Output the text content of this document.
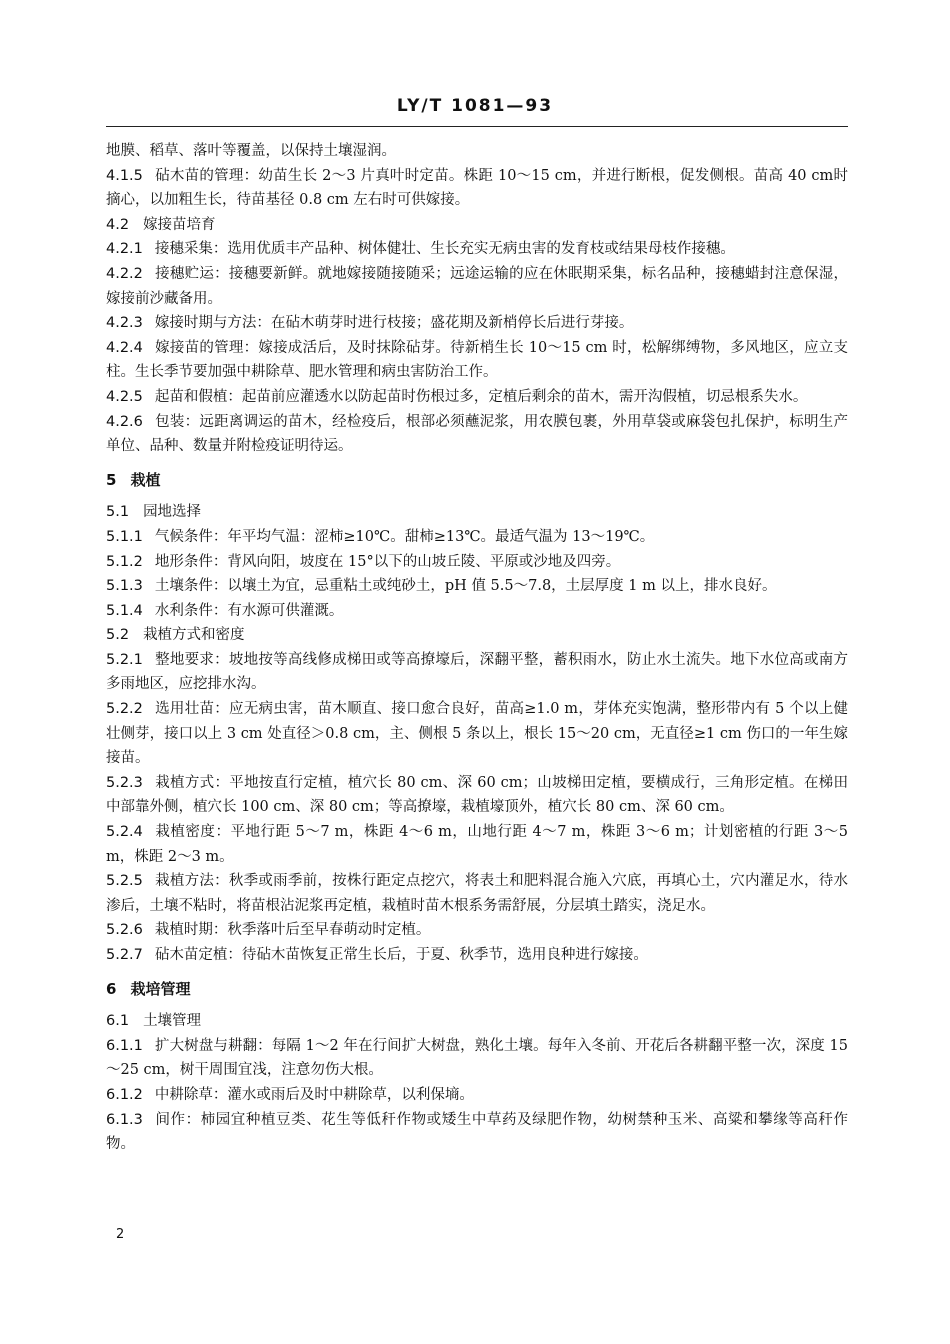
LY/T 1081—93

地膜、稻草、落叶等覆盖，以保持土壤湿润。

4.1.5 砧木苗的管理：幼苗生长 2～3 片真叶时定苗。株距 10～15 cm，并进行断根，促发侧根。苗高 40 cm时摘心，以加粗生长，待苗基径 0.8 cm 左右时可供嫁接。

4.2 嫁接苗培育

4.2.1 接穗采集：选用优质丰产品种、树体健壮、生长充实无病虫害的发育枝或结果母枝作接穗。

4.2.2 接穗贮运：接穗要新鲜。就地嫁接随接随采；远途运输的应在休眠期采集，标名品种，接穗蜡封注意保湿，嫁接前沙藏备用。

4.2.3 嫁接时期与方法：在砧木萌芽时进行枝接；盛花期及新梢停长后进行芽接。

4.2.4 嫁接苗的管理：嫁接成活后，及时抹除砧芽。待新梢生长 10～15 cm 时，松解绑缚物，多风地区，应立支柱。生长季节要加强中耕除草、肥水管理和病虫害防治工作。

4.2.5 起苗和假植：起苗前应灌透水以防起苗时伤根过多，定植后剩余的苗木，需开沟假植，切忌根系失水。

4.2.6 包装：远距离调运的苗木，经检疫后，根部必须蘸泥浆，用农膜包裹，外用草袋或麻袋包扎保护，标明生产单位、品种、数量并附检疫证明待运。

5 栽植

5.1 园地选择

5.1.1 气候条件：年平均气温：涩柿≥10℃。甜柿≥13℃。最适气温为 13～19℃。

5.1.2 地形条件：背风向阳，坡度在 15°以下的山坡丘陵、平原或沙地及四旁。

5.1.3 土壤条件：以壤土为宜，忌重粘土或纯砂土，pH 值 5.5～7.8，土层厚度 1 m 以上，排水良好。

5.1.4 水利条件：有水源可供灌溉。

5.2 栽植方式和密度

5.2.1 整地要求：坡地按等高线修成梯田或等高撩壕后，深翻平整，蓄积雨水，防止水土流失。地下水位高或南方多雨地区，应挖排水沟。

5.2.2 选用壮苗：应无病虫害，苗木顺直、接口愈合良好，苗高≥1.0 m，芽体充实饱满，整形带内有 5 个以上健壮侧芽，接口以上 3 cm 处直径＞0.8 cm，主、侧根 5 条以上，根长 15～20 cm，无直径≥1 cm 伤口的一年生嫁接苗。

5.2.3 栽植方式：平地按直行定植，植穴长 80 cm、深 60 cm；山坡梯田定植，要横成行，三角形定植。在梯田中部靠外侧，植穴长 100 cm、深 80 cm；等高撩壕，栽植壕顶外，植穴长 80 cm、深 60 cm。

5.2.4 栽植密度：平地行距 5～7 m，株距 4～6 m，山地行距 4～7 m，株距 3～6 m；计划密植的行距 3～5 m，株距 2～3 m。

5.2.5 栽植方法：秋季或雨季前，按株行距定点挖穴，将表土和肥料混合施入穴底，再填心土，穴内灌足水，待水渗后，土壤不粘时，将苗根沾泥浆再定植，栽植时苗木根系务需舒展，分层填土踏实，浇足水。

5.2.6 栽植时期：秋季落叶后至早春萌动时定植。

5.2.7 砧木苗定植：待砧木苗恢复正常生长后，于夏、秋季节，选用良种进行嫁接。

6 栽培管理

6.1 土壤管理

6.1.1 扩大树盘与耕翻：每隔 1～2 年在行间扩大树盘，熟化土壤。每年入冬前、开花后各耕翻平整一次，深度 15～25 cm，树干周围宜浅，注意勿伤大根。

6.1.2 中耕除草：灌水或雨后及时中耕除草，以利保墒。

6.1.3 间作：柿园宜种植豆类、花生等低秆作物或矮生中草药及绿肥作物，幼树禁种玉米、高粱和攀缘等高秆作物。

2
